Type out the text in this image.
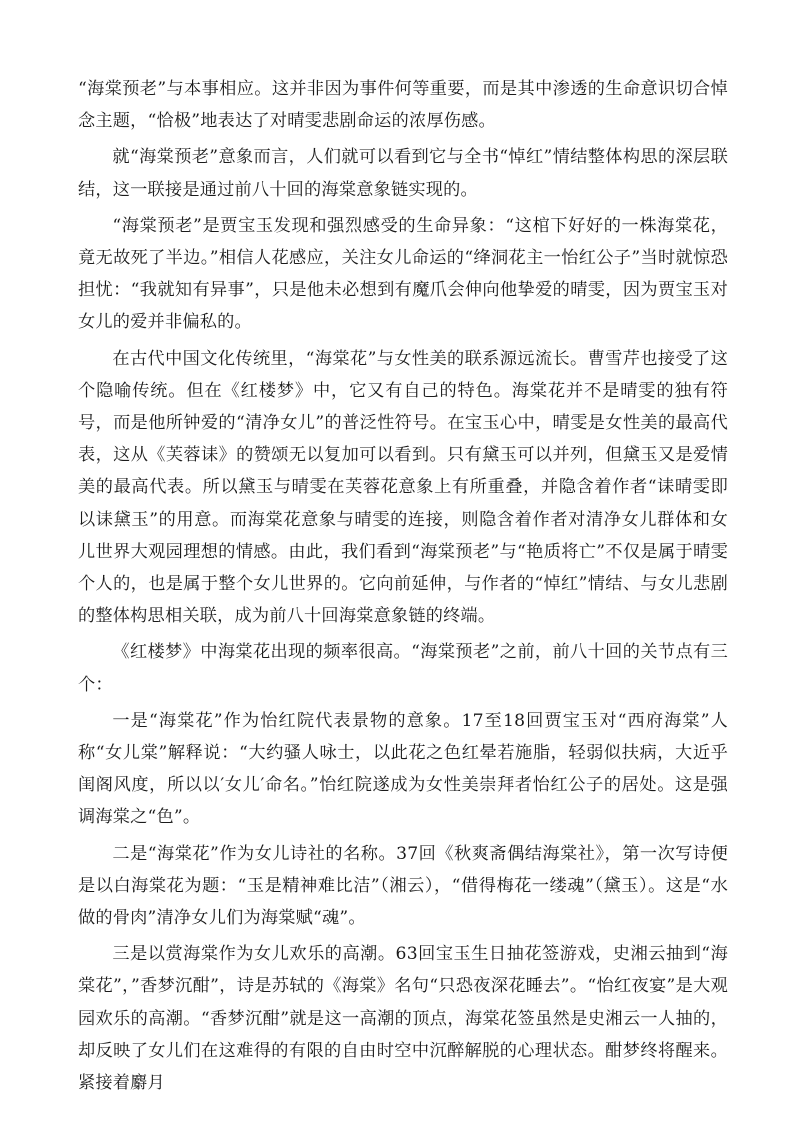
“海棠预老”与本事相应。这并非因为事件何等重要，而是其中渗透的生命意识切合悼念主题，“恰极”地表达了对晴雯悲剧命运的浓厚伤感。

就“海棠预老”意象而言，人们就可以看到它与全书“悼红”情结整体构思的深层联结，这一联接是通过前八十回的海棠意象链实现的。

“海棠预老”是贾宝玉发现和强烈感受的生命异象：“这棺下好好的一株海棠花，竟无故死了半边。”相信人花感应，关注女儿命运的“绛洞花主一怡红公子”当时就惊恐担忧：“我就知有异事”，只是他未必想到有魔爪会伸向他挚爱的晴雯，因为贾宝玉对女儿的爱并非偏私的。

在古代中国文化传统里，“海棠花”与女性美的联系源远流长。曹雪芹也接受了这个隐喻传统。但在《红楼梦》中，它又有自己的特色。海棠花并不是晴雯的独有符号，而是他所钟爱的“清净女儿”的普泛性符号。在宝玉心中，晴雯是女性美的最高代表，这从《芙蓉诔》的赞颂无以复加可以看到。只有黛玉可以并列，但黛玉又是爱情美的最高代表。所以黛玉与晴雯在芙蓉花意象上有所重叠，并隐含着作者“诔晴雯即以诔黛玉”的用意。而海棠花意象与晴雯的连接，则隐含着作者对清净女儿群体和女儿世界大观园理想的情感。由此，我们看到“海棠预老”与“艳质将亡”不仅是属于晴雯个人的，也是属于整个女儿世界的。它向前延伸，与作者的“悼红”情结、与女儿悲剧的整体构思相关联，成为前八十回海棠意象链的终端。

《红楼梦》中海棠花出现的频率很高。“海棠预老”之前，前八十回的关节点有三个：

一是“海棠花”作为怡红院代表景物的意象。17至18回贾宝玉对“西府海棠”人称“女儿棠”解释说：“大约骚人咏士，以此花之色红晕若施脂，轻弱似扶病，大近乎闺阁风度，所以以′女儿′命名。”怡红院遂成为女性美崇拜者怡红公子的居处。这是强调海棠之“色”。

二是“海棠花”作为女儿诗社的名称。37回《秋爽斋偶结海棠社》，第一次写诗便是以白海棠花为题：“玉是精神难比洁”（湘云），“借得梅花一缕魂”（黛玉）。这是“水做的骨肉”清净女儿们为海棠赋“魂”。

三是以赏海棠作为女儿欢乐的高潮。63回宝玉生日抽花签游戏，史湘云抽到“海棠花”，”香梦沉酣”，诗是苏轼的《海棠》名句“只恐夜深花睡去”。“怡红夜宴”是大观园欢乐的高潮。“香梦沉酣”就是这一高潮的顶点，海棠花签虽然是史湘云一人抽的，却反映了女儿们在这难得的有限的自由时空中沉醉解脱的心理状态。酣梦终将醒来。紧接着麝月
